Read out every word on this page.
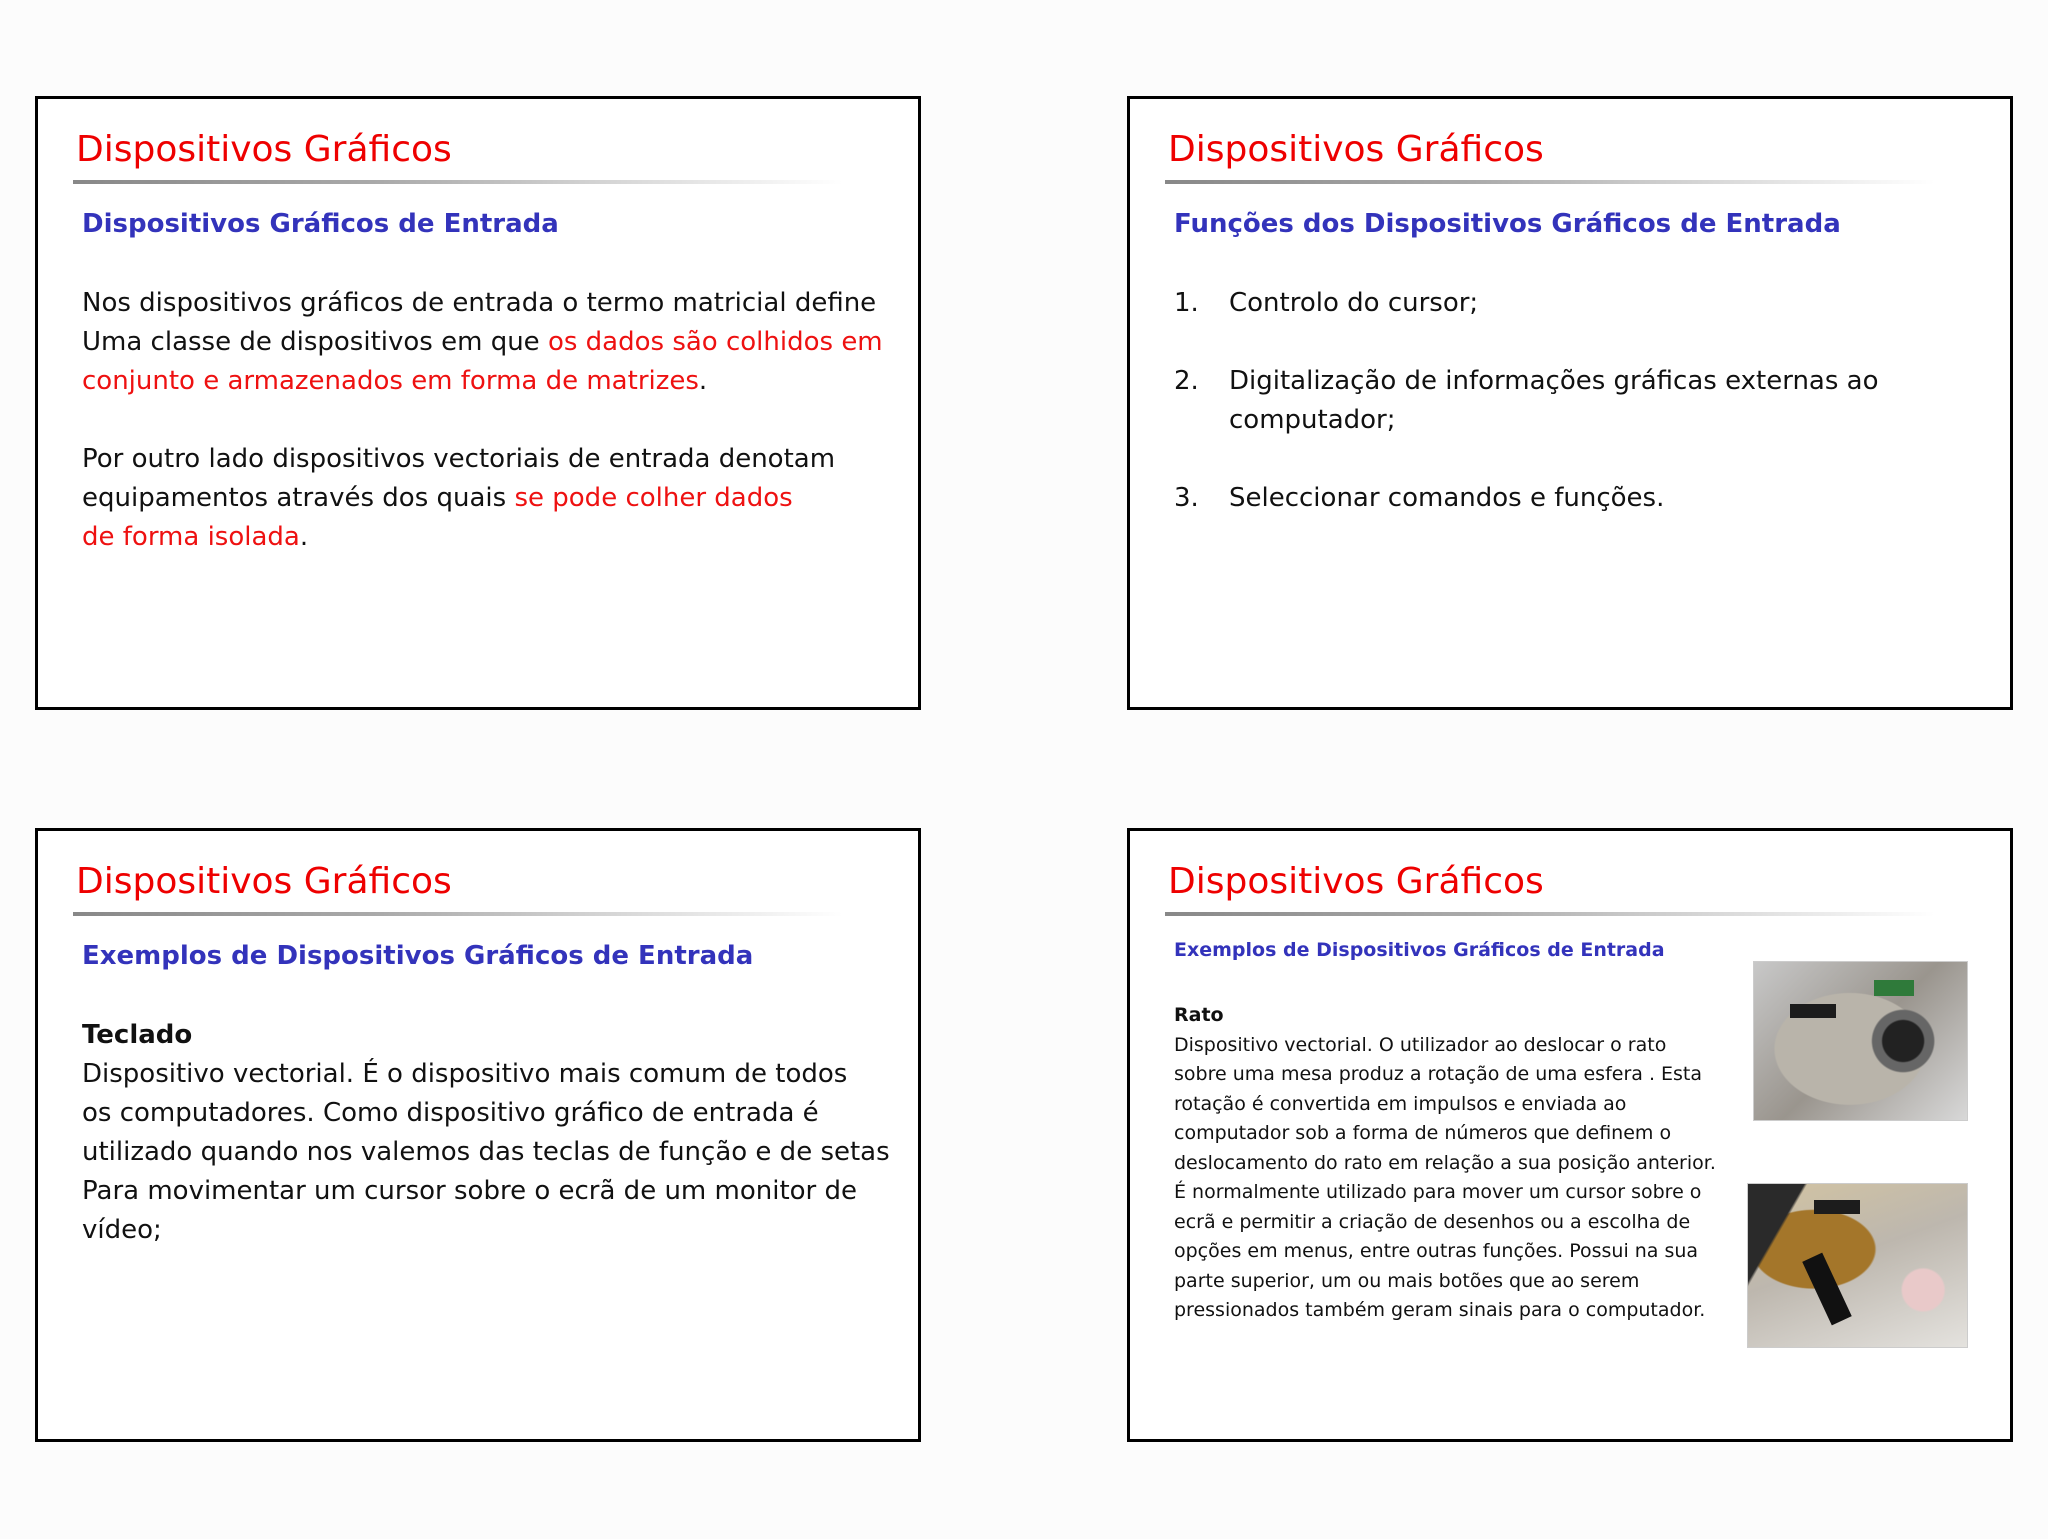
Dispositivos Gráficos
Dispositivos Gráficos de Entrada

Nos dispositivos gráficos de entrada o termo matricial define
Uma classe de dispositivos em que os dados são colhidos em
conjunto e armazenados em forma de matrizes.

Por outro lado dispositivos vectoriais de entrada denotam
equipamentos através dos quais se pode colher dados
de forma isolada.

Dispositivos Gráficos
Funções dos Dispositivos Gráficos de Entrada
1.	Controlo do cursor;
2.	Digitalização de informações gráficas externas ao computador;
3.	Seleccionar comandos e funções.
Dispositivos Gráficos
Exemplos de Dispositivos Gráficos de Entrada

Teclado

Dispositivo vectorial. É o dispositivo mais comum de todos

os computadores. Como dispositivo gráfico de entrada é

utilizado quando nos valemos das teclas de função e de setas

Para movimentar um cursor sobre o ecrã de um monitor de

vídeo;

Dispositivos Gráficos
Exemplos de Dispositivos Gráficos de Entrada
Rato
Dispositivo vectorial. O utilizador ao deslocar o rato
sobre uma mesa produz a rotação de uma esfera . Esta
rotação é convertida em impulsos e enviada ao
computador sob a forma de números que definem o
deslocamento do rato em relação a sua posição anterior.
É normalmente utilizado para mover um cursor sobre o
ecrã e permitir a criação de desenhos ou a escolha de
opções em menus, entre outras funções. Possui na sua
parte superior, um ou mais botões que ao serem
pressionados também geram sinais para o computador.
